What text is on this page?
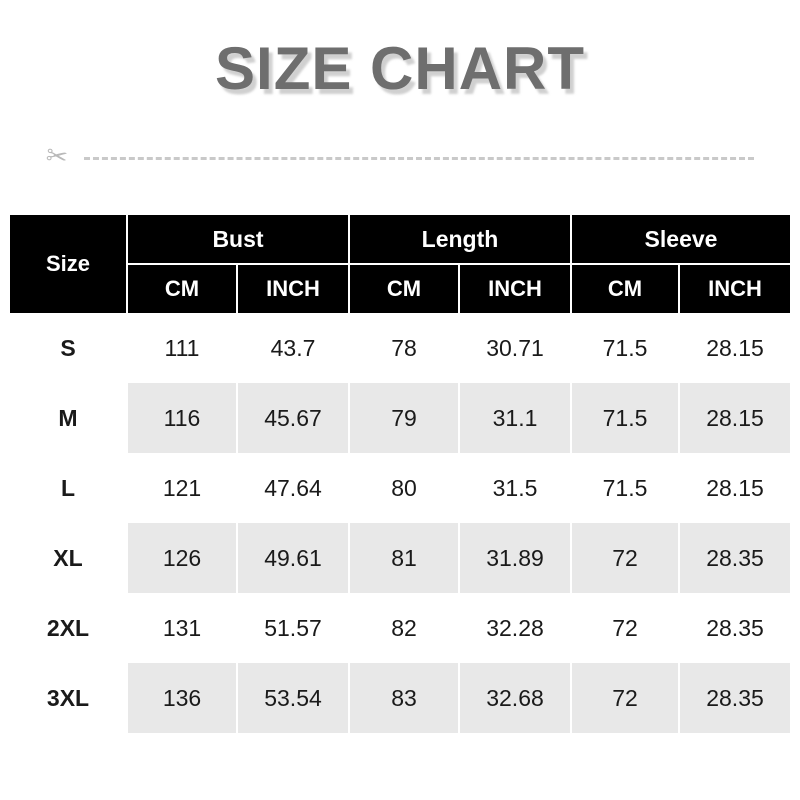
SIZE CHART
✂
Size	Bust		Length		Sleeve	
	CM	INCH	CM	INCH	CM	INCH
S	111	43.7	78	30.71	71.5	28.15
M	116	45.67	79	31.1	71.5	28.15
L	121	47.64	80	31.5	71.5	28.15
XL	126	49.61	81	31.89	72	28.35
2XL	131	51.57	82	32.28	72	28.35
3XL	136	53.54	83	32.68	72	28.35
